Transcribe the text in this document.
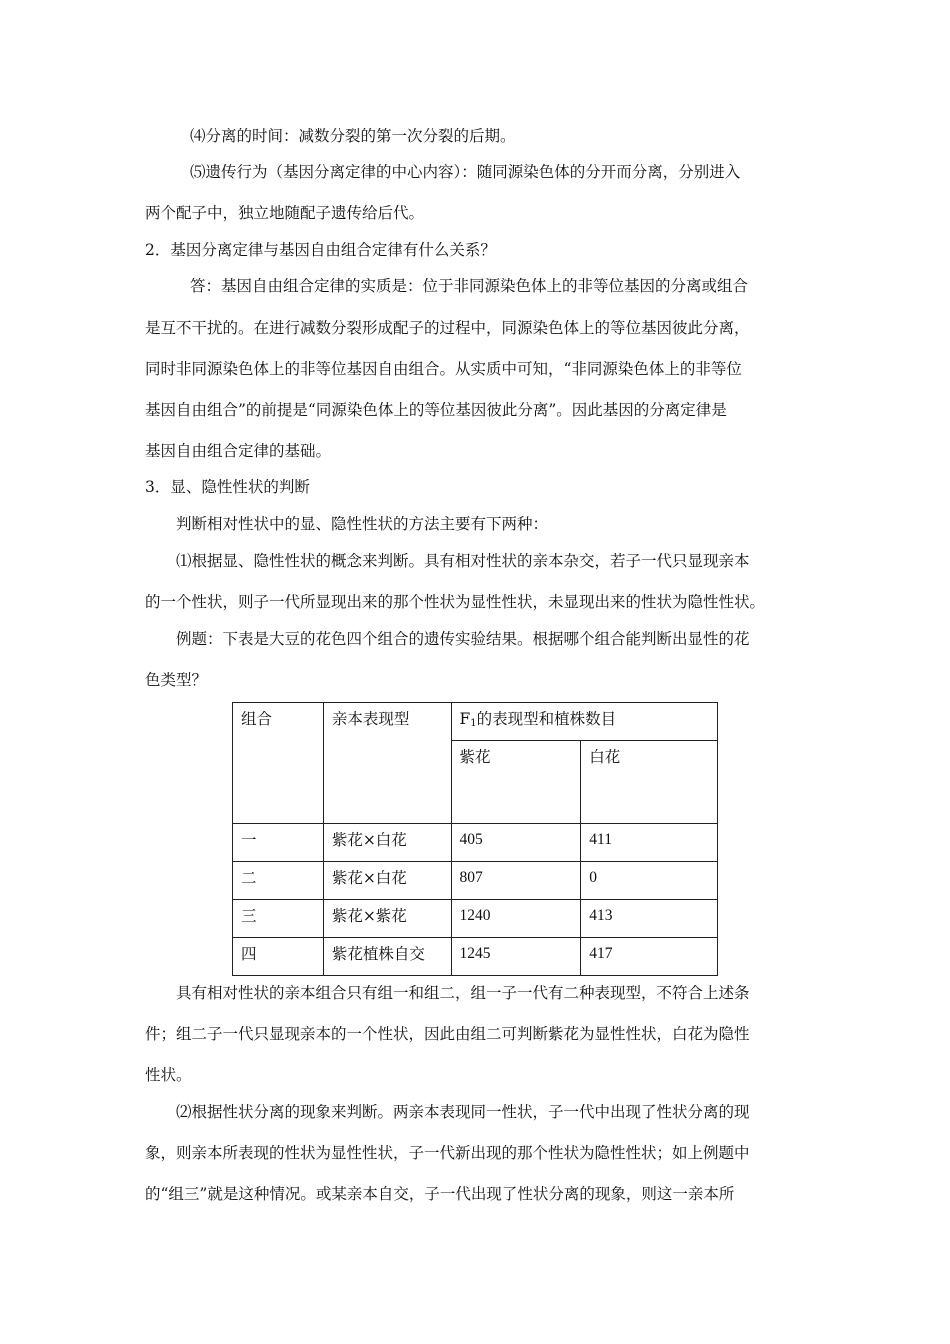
⑷分离的时间：减数分裂的第一次分裂的后期。
⑸遗传行为（基因分离定律的中心内容）：随同源染色体的分开而分离，分别进入
两个配子中，独立地随配子遗传给后代。
2．基因分离定律与基因自由组合定律有什么关系？
答：基因自由组合定律的实质是：位于非同源染色体上的非等位基因的分离或组合
是互不干扰的。在进行减数分裂形成配子的过程中，同源染色体上的等位基因彼此分离，
同时非同源染色体上的非等位基因自由组合。从实质中可知，“非同源染色体上的非等位
基因自由组合”的前提是“同源染色体上的等位基因彼此分离”。因此基因的分离定律是
基因自由组合定律的基础。
3．显、隐性性状的判断
判断相对性状中的显、隐性性状的方法主要有下两种：
⑴根据显、隐性性状的概念来判断。具有相对性状的亲本杂交，若子一代只显现亲本
的一个性状，则子一代所显现出来的那个性状为显性性状，未显现出来的性状为隐性性状。
例题：下表是大豆的花色四个组合的遗传实验结果。根据哪个组合能判断出显性的花
色类型？
组合	亲本表现型	$F_1$的表现型和植株数目	
		紫花	白花
一	紫花×白花	405	411
二	紫花×白花	807	0
三	紫花×紫花	1240	413
四	紫花植株自交	1245	417
具有相对性状的亲本组合只有组一和组二，组一子一代有二种表现型，不符合上述条
件；组二子一代只显现亲本的一个性状，因此由组二可判断紫花为显性性状，白花为隐性
性状。
⑵根据性状分离的现象来判断。两亲本表现同一性状，子一代中出现了性状分离的现
象，则亲本所表现的性状为显性性状，子一代新出现的那个性状为隐性性状；如上例题中
的“组三”就是这种情况。或某亲本自交，子一代出现了性状分离的现象，则这一亲本所
